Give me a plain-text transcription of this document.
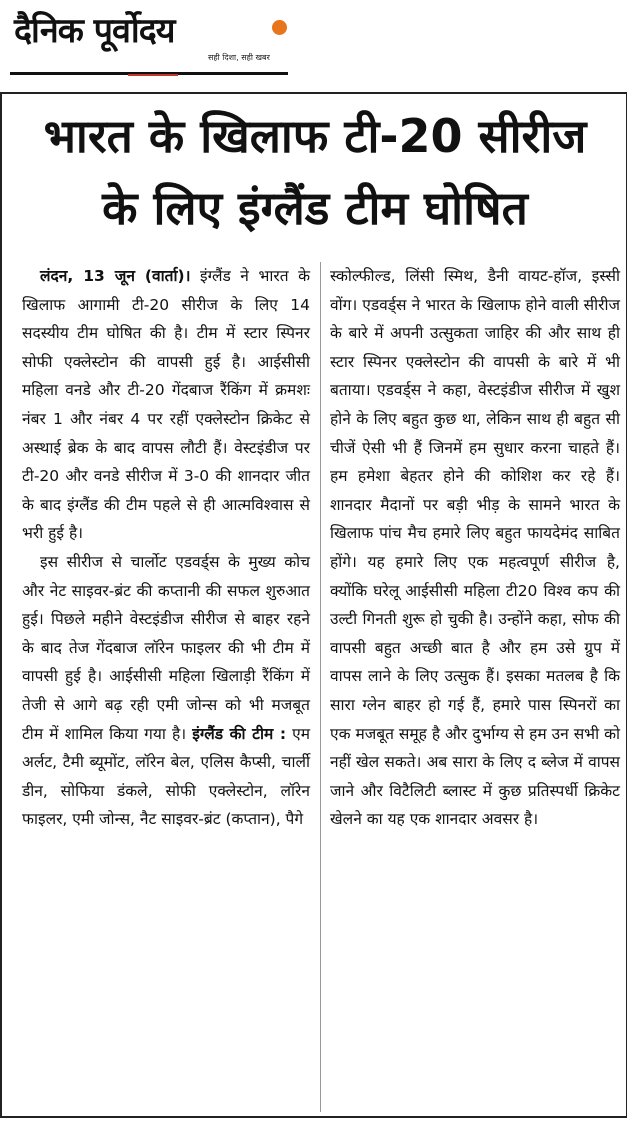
दैनिक पूर्वोदय
सही दिशा, सही खबर
भारत के खिलाफ टी-20 सीरीज
के लिए इंग्लैंड टीम घोषित

लंदन, 13 जून (वार्ता)। इंग्लैंड ने भारत के खिलाफ आगामी टी-20 सीरीज के लिए 14 सदस्यीय टीम घोषित की है। टीम में स्टार स्पिनर सोफी एक्लेस्टोन की वापसी हुई है। आईसीसी महिला वनडे और टी-20 गेंदबाज रैंकिंग में क्रमशः नंबर 1 और नंबर 4 पर रहीं एक्लेस्टोन क्रिकेट से अस्थाई ब्रेक के बाद वापस लौटी हैं। वेस्टइंडीज पर टी-20 और वनडे सीरीज में 3-0 की शानदार जीत के बाद इंग्लैंड की टीम पहले से ही आत्मविश्वास से भरी हुई है।

इस सीरीज से चार्लोट एडवर्ड्स के मुख्य कोच और नेट साइवर-ब्रंट की कप्तानी की सफल शुरुआत हुई। पिछले महीने वेस्टइंडीज सीरीज से बाहर रहने के बाद तेज गेंदबाज लॉरेन फाइलर की भी टीम में वापसी हुई है। आईसीसी महिला खिलाड़ी रैंकिंग में तेजी से आगे बढ़ रही एमी जोन्स को भी मजबूत टीम में शामिल किया गया है। इंग्लैंड की टीम : एम अर्लट, टैमी ब्यूमोंट, लॉरेन बेल, एलिस कैप्सी, चार्ली डीन, सोफिया डंकले, सोफी एक्लेस्टोन, लॉरेन फाइलर, एमी जोन्स, नैट साइवर-ब्रंट (कप्तान), पैगे

स्कोल्फील्ड, लिंसी स्मिथ, डैनी वायट-हॉज, इस्सी वोंग। एडवर्ड्स ने भारत के खिलाफ होने वाली सीरीज के बारे में अपनी उत्सुकता जाहिर की और साथ ही स्टार स्पिनर एक्लेस्टोन की वापसी के बारे में भी बताया। एडवर्ड्स ने कहा, वेस्टइंडीज सीरीज में खुश होने के लिए बहुत कुछ था, लेकिन साथ ही बहुत सी चीजें ऐसी भी हैं जिनमें हम सुधार करना चाहते हैं। हम हमेशा बेहतर होने की कोशिश कर रहे हैं। शानदार मैदानों पर बड़ी भीड़ के सामने भारत के खिलाफ पांच मैच हमारे लिए बहुत फायदेमंद साबित होंगे। यह हमारे लिए एक महत्वपूर्ण सीरीज है, क्योंकि घरेलू आईसीसी महिला टी20 विश्व कप की उल्टी गिनती शुरू हो चुकी है। उन्होंने कहा, सोफ की वापसी बहुत अच्छी बात है और हम उसे ग्रुप में वापस लाने के लिए उत्सुक हैं। इसका मतलब है कि सारा ग्लेन बाहर हो गई हैं, हमारे पास स्पिनरों का एक मजबूत समूह है और दुर्भाग्य से हम उन सभी को नहीं खेल सकते। अब सारा के लिए द ब्लेज में वापस जाने और विटैलिटी ब्लास्ट में कुछ प्रतिस्पर्धी क्रिकेट खेलने का यह एक शानदार अवसर है।
